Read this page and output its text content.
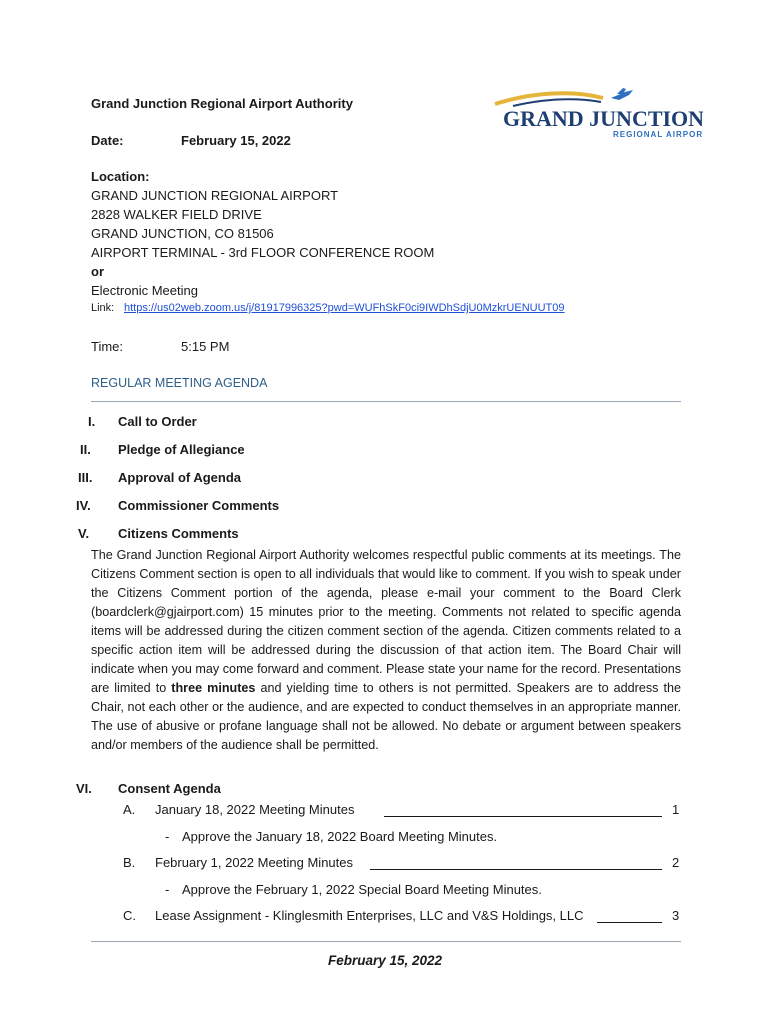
Grand Junction Regional Airport Authority
Date:	February 15, 2022
GRAND JUNCTION
REGIONAL AIRPORT
Location:
GRAND JUNCTION REGIONAL AIRPORT
2828 WALKER FIELD DRIVE
GRAND JUNCTION, CO 81506
AIRPORT TERMINAL - 3rd FLOOR CONFERENCE ROOM
or
Electronic Meeting
Link: https://us02web.zoom.us/j/81917996325?pwd=WUFhSkF0ci9IWDhSdjU0MzkrUENUUT09
Time:	5:15 PM
REGULAR MEETING AGENDA
I.	Call to Order
II.	Pledge of Allegiance
III.	Approval of Agenda
IV.	Commissioner Comments
V.	Citizens Comments
The Grand Junction Regional Airport Authority welcomes respectful public comments at its meetings. The Citizens Comment section is open to all individuals that would like to comment. If you wish to speak under the Citizens Comment portion of the agenda, please e-mail your comment to the Board Clerk (boardclerk@gjairport.com) 15 minutes prior to the meeting. Comments not related to specific agenda items will be addressed during the citizen comment section of the agenda. Citizen comments related to a specific action item will be addressed during the discussion of that action item. The Board Chair will indicate when you may come forward and comment. Please state your name for the record. Presentations are limited to three minutes and yielding time to others is not permitted. Speakers are to address the Chair, not each other or the audience, and are expected to conduct themselves in an appropriate manner. The use of abusive or profane language shall not be allowed. No debate or argument between speakers and/or members of the audience shall be permitted.
VI.	Consent Agenda
A. January 18, 2022 Meeting Minutes	1
- Approve the January 18, 2022 Board Meeting Minutes.
B. February 1, 2022 Meeting Minutes	2
- Approve the February 1, 2022 Special Board Meeting Minutes.
C. Lease Assignment - Klinglesmith Enterprises, LLC and V&S Holdings, LLC	3
February 15, 2022
